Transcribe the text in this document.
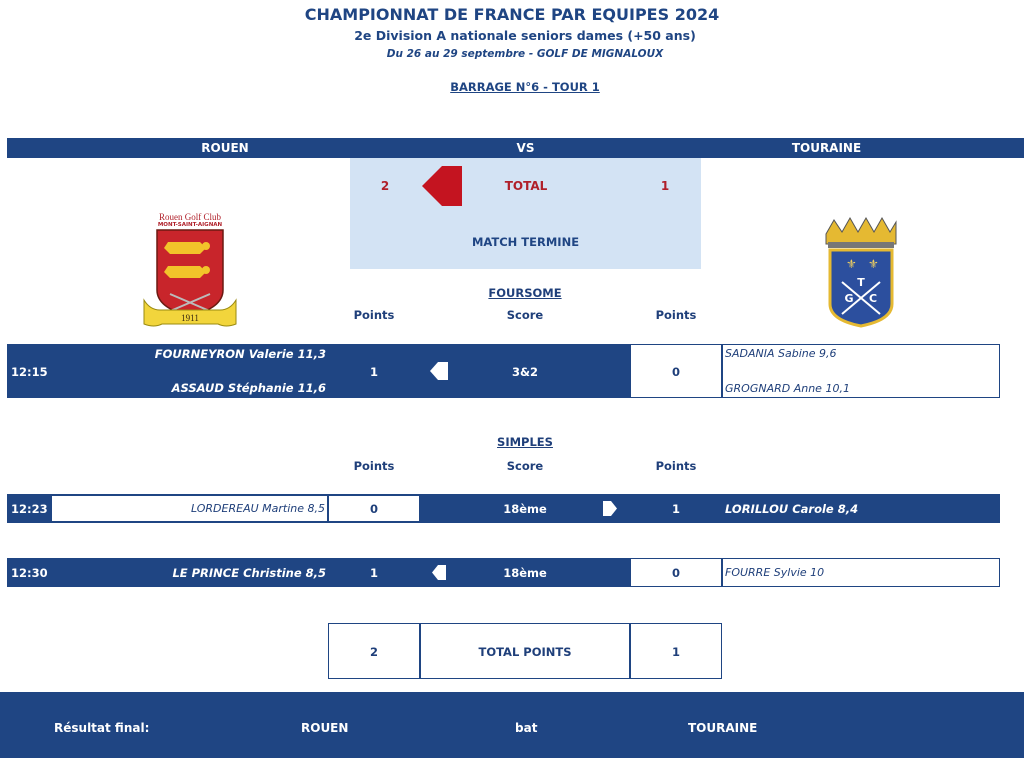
CHAMPIONNAT DE FRANCE PAR EQUIPES 2024
2e Division A nationale seniors dames (+50 ans)
Du 26 au 29 septembre - GOLF DE MIGNALOUX
BARRAGE N°6 - TOUR 1
ROUEN	VS	TOURAINE
2	TOTAL	1
MATCH TERMINE
Rouen Golf Club
MONT-SAINT-AIGNAN
1911
⚜ ⚜
T
G	C
FOURSOME
Points	Score	Points
12:15
FOURNEYRON Valerie 11,3
ASSAUD Stéphanie 11,6
1	3&2	0
SADANIA Sabine 9,6
GROGNARD Anne 10,1
SIMPLES
Points	Score	Points
12:23	LORDEREAU Martine 8,5	0	18ème	1	LORILLOU Carole 8,4
12:30	LE PRINCE Christine 8,5	1	18ème	0	FOURRE Sylvie 10
2	TOTAL POINTS	1
Résultat final:	ROUEN	bat	TOURAINE
